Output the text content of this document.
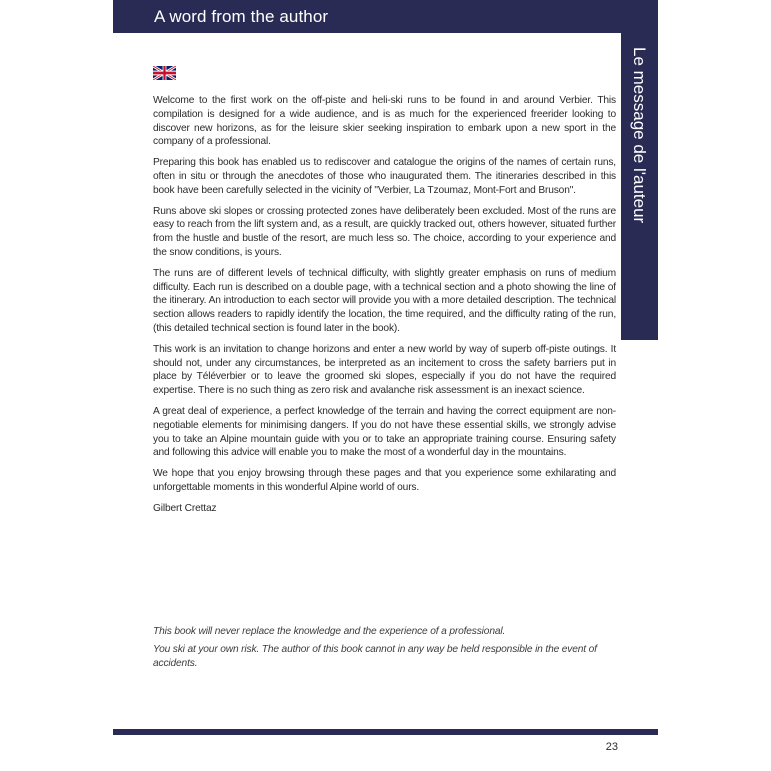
A word from the author
Le message de l'auteur

Welcome to the first work on the off-piste and heli-ski runs to be found in and around Verbier. This compilation is designed for a wide audience, and is as much for the experienced freerider looking to discover new horizons, as for the leisure skier seeking inspiration to embark upon a new sport in the company of a professional.

Preparing this book has enabled us to rediscover and catalogue the origins of the names of certain runs, often in situ or through the anecdotes of those who inaugurated them. The itineraries described in this book have been carefully selected in the vicinity of "Verbier, La Tzoumaz, Mont-Fort and Bruson".

Runs above ski slopes or crossing protected zones have deliberately been excluded. Most of the runs are easy to reach from the lift system and, as a result, are quickly tracked out, others however, situated further from the hustle and bustle of the resort, are much less so. The choice, according to your experience and the snow conditions, is yours.

The runs are of different levels of technical difficulty, with slightly greater emphasis on runs of medium difficulty. Each run is described on a double page, with a technical section and a photo showing the line of the itinerary. An introduction to each sector will provide you with a more detailed description. The technical section allows readers to rapidly identify the location, the time required, and the difficulty rating of the run, (this detailed technical section is found later in the book).

This work is an invitation to change horizons and enter a new world by way of superb off-piste outings. It should not, under any circumstances, be interpreted as an incitement to cross the safety barriers put in place by Téléverbier or to leave the groomed ski slopes, especially if you do not have the required expertise. There is no such thing as zero risk and avalanche risk assessment is an inexact science.

A great deal of experience, a perfect knowledge of the terrain and having the correct equipment are non-negotiable elements for minimising dangers. If you do not have these essential skills, we strongly advise you to take an Alpine mountain guide with you or to take an appropriate training course. Ensuring safety and following this advice will enable you to make the most of a wonderful day in the mountains.

We hope that you enjoy browsing through these pages and that you experience some exhilarating and unforgettable moments in this wonderful Alpine world of ours.

Gilbert Crettaz

This book will never replace the knowledge and the experience of a professional.

You ski at your own risk. The author of this book cannot in any way be held responsible in the event of accidents.

23
